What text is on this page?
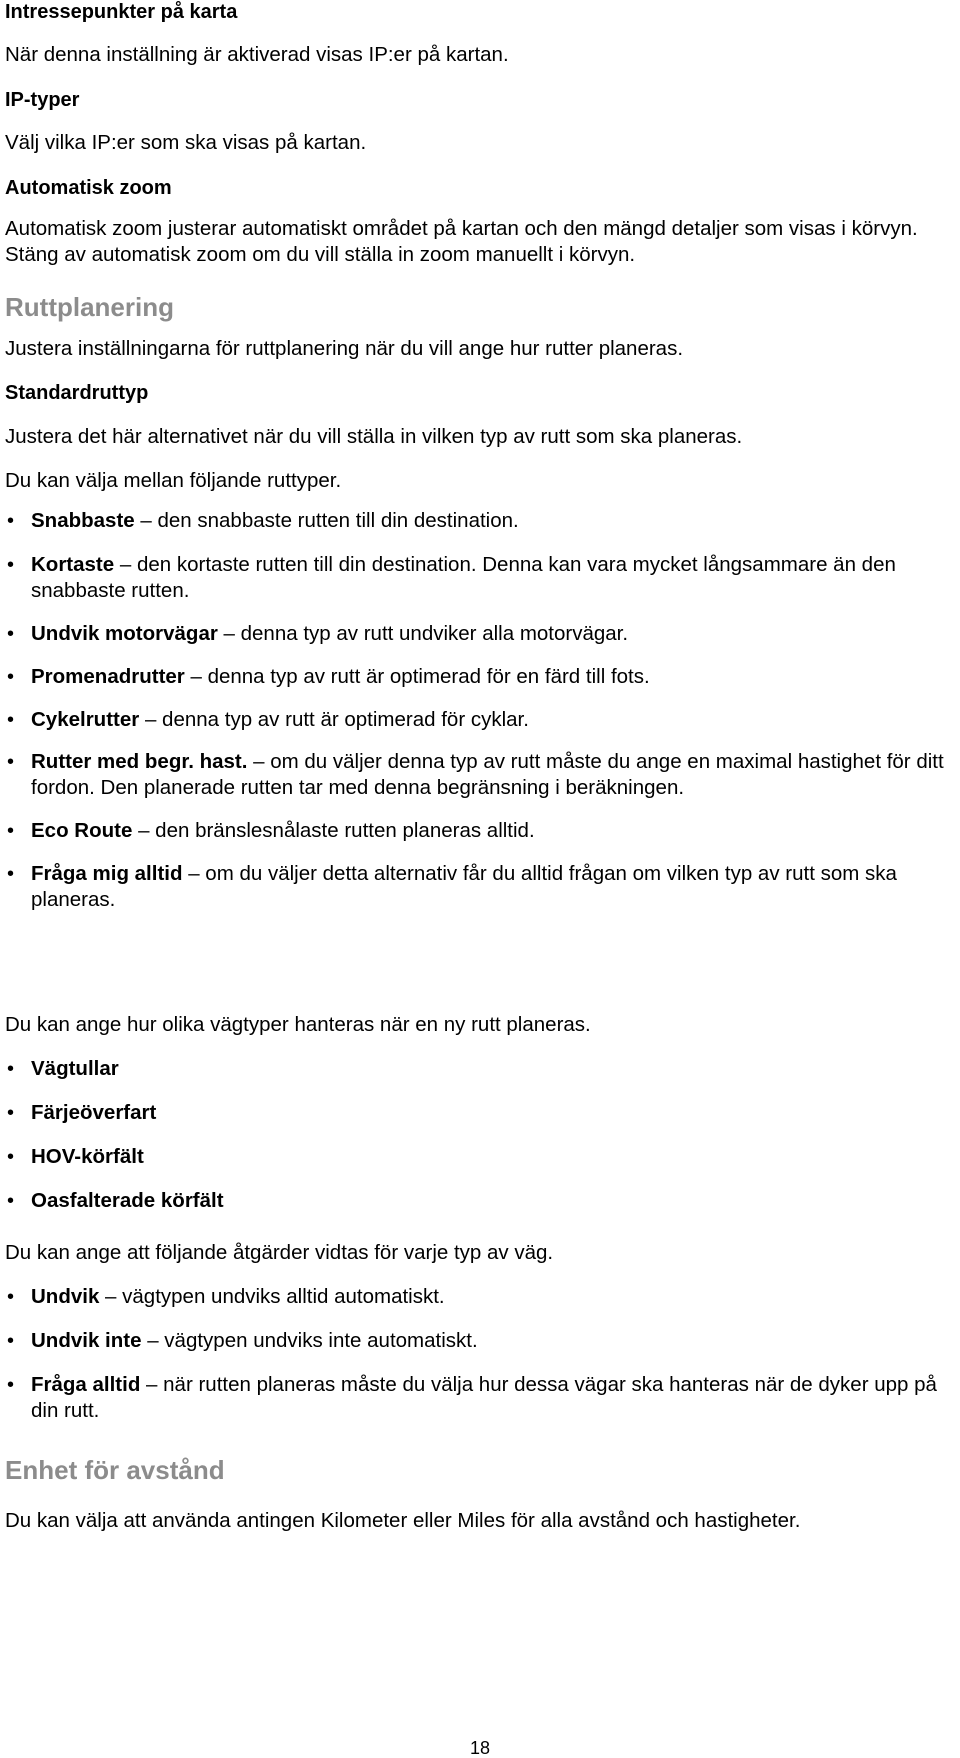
Intressepunkter på karta

När denna inställning är aktiverad visas IP:er på kartan.

IP-typer

Välj vilka IP:er som ska visas på kartan.

Automatisk zoom

Automatisk zoom justerar automatiskt området på kartan och den mängd detaljer som visas i körvyn. Stäng av automatisk zoom om du vill ställa in zoom manuellt i körvyn.

Ruttplanering

Justera inställningarna för ruttplanering när du vill ange hur rutter planeras.

Standardruttyp

Justera det här alternativet när du vill ställa in vilken typ av rutt som ska planeras.

Du kan välja mellan följande ruttyper.

• Snabbaste – den snabbaste rutten till din destination.
• Kortaste – den kortaste rutten till din destination. Denna kan vara mycket långsammare än den snabbaste rutten.
• Undvik motorvägar – denna typ av rutt undviker alla motorvägar.
• Promenadrutter – denna typ av rutt är optimerad för en färd till fots.
• Cykelrutter – denna typ av rutt är optimerad för cyklar.
• Rutter med begr. hast. – om du väljer denna typ av rutt måste du ange en maximal hastighet för ditt fordon. Den planerade rutten tar med denna begränsning i beräkningen.
• Eco Route – den bränslesnålaste rutten planeras alltid.
• Fråga mig alltid – om du väljer detta alternativ får du alltid frågan om vilken typ av rutt som ska planeras.

Du kan ange hur olika vägtyper hanteras när en ny rutt planeras.

• Vägtullar
• Färjeöverfart
• HOV-körfält
• Oasfalterade körfält

Du kan ange att följande åtgärder vidtas för varje typ av väg.

• Undvik – vägtypen undviks alltid automatiskt.
• Undvik inte – vägtypen undviks inte automatiskt.
• Fråga alltid – när rutten planeras måste du välja hur dessa vägar ska hanteras när de dyker upp på din rutt.

Enhet för avstånd

Du kan välja att använda antingen Kilometer eller Miles för alla avstånd och hastigheter.

18
